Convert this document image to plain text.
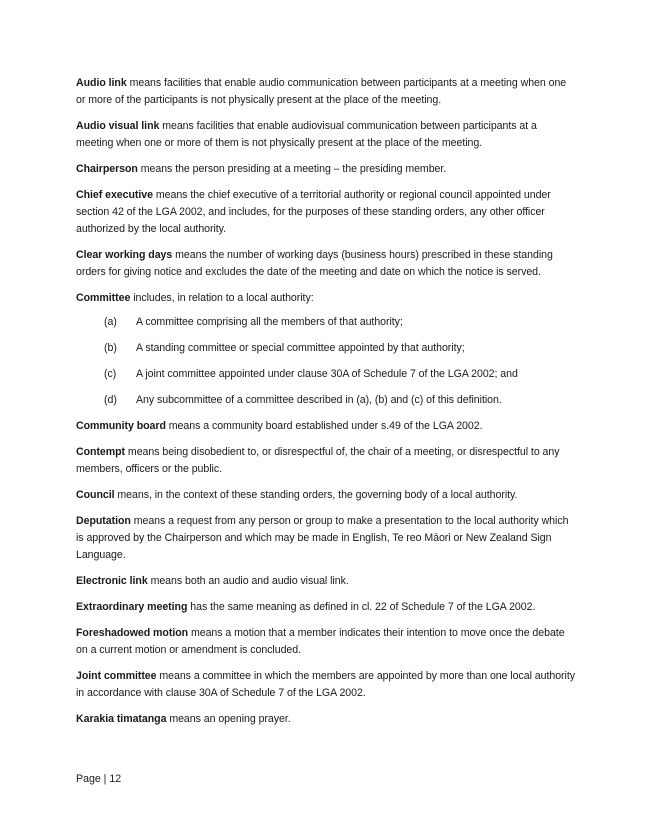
Audio link means facilities that enable audio communication between participants at a meeting when one or more of the participants is not physically present at the place of the meeting.

Audio visual link means facilities that enable audiovisual communication between participants at a meeting when one or more of them is not physically present at the place of the meeting.

Chairperson means the person presiding at a meeting – the presiding member.

Chief executive means the chief executive of a territorial authority or regional council appointed under section 42 of the LGA 2002, and includes, for the purposes of these standing orders, any other officer authorized by the local authority.

Clear working days means the number of working days (business hours) prescribed in these standing orders for giving notice and excludes the date of the meeting and date on which the notice is served.

Committee includes, in relation to a local authority:

(a)	A committee comprising all the members of that authority;
(b)	A standing committee or special committee appointed by that authority;
(c)	A joint committee appointed under clause 30A of Schedule 7 of the LGA 2002; and
(d)	Any subcommittee of a committee described in (a), (b) and (c) of this definition.

Community board means a community board established under s.49 of the LGA 2002.

Contempt means being disobedient to, or disrespectful of, the chair of a meeting, or disrespectful to any members, officers or the public.

Council means, in the context of these standing orders, the governing body of a local authority.

Deputation means a request from any person or group to make a presentation to the local authority which is approved by the Chairperson and which may be made in English, Te reo Māori or New Zealand Sign Language.

Electronic link means both an audio and audio visual link.

Extraordinary meeting has the same meaning as defined in cl. 22 of Schedule 7 of the LGA 2002.

Foreshadowed motion means a motion that a member indicates their intention to move once the debate on a current motion or amendment is concluded.

Joint committee means a committee in which the members are appointed by more than one local authority in accordance with clause 30A of Schedule 7 of the LGA 2002.

Karakia timatanga means an opening prayer.

Page | 12
